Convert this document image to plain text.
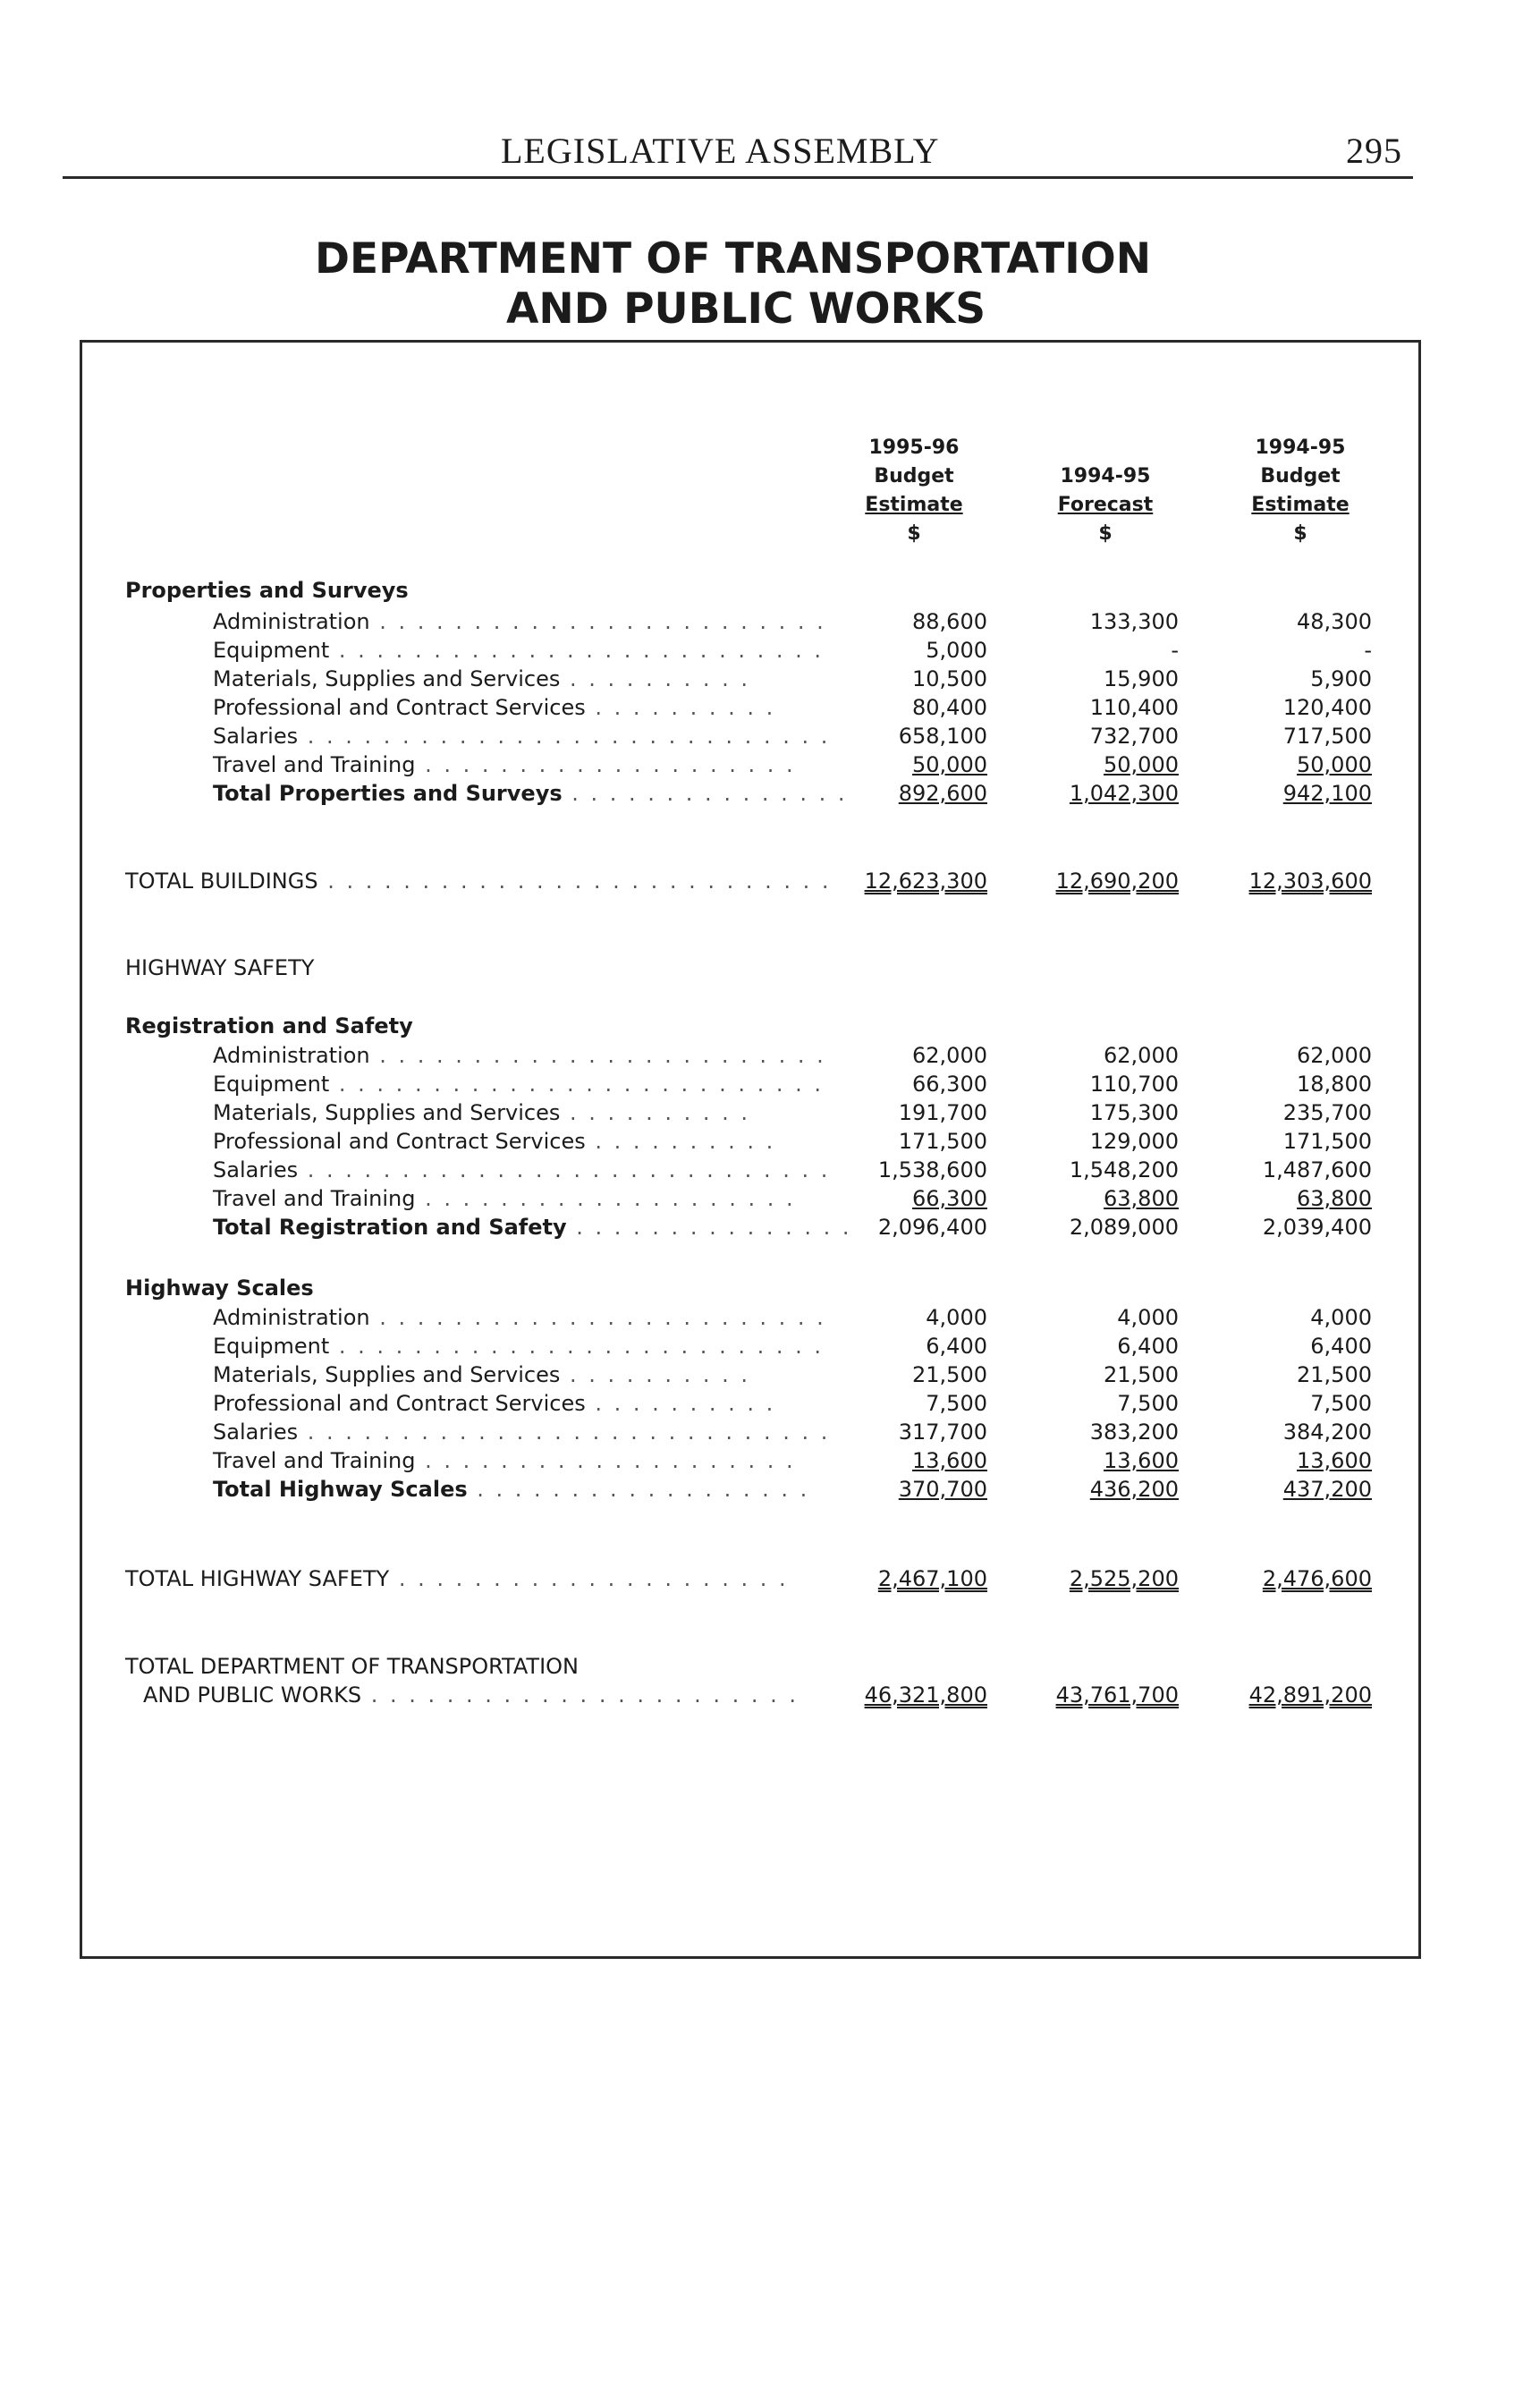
LEGISLATIVE ASSEMBLY	295
DEPARTMENT OF TRANSPORTATION
AND PUBLIC WORKS
1995-96
Budget
Estimate
$

1994-95
Forecast
$
1994-95
Budget
Estimate
$
Properties and Surveys
Administration . . . . . . . . . . . . . . . . . . . . . . . .	88,600	133,300	48,300
Equipment . . . . . . . . . . . . . . . . . . . . . . . . . .	5,000	-	-
Materials, Supplies and Services . . . . . . . . . .	10,500	15,900	5,900
Professional and Contract Services . . . . . . . . . .	80,400	110,400	120,400
Salaries . . . . . . . . . . . . . . . . . . . . . . . . . . . .	658,100	732,700	717,500
Travel and Training . . . . . . . . . . . . . . . . . . . .	50,000	50,000	50,000
Total Properties and Surveys . . . . . . . . . . . . . . .	892,600	1,042,300	942,100
TOTAL BUILDINGS . . . . . . . . . . . . . . . . . . . . . . . . . . .	12,623,300	12,690,200	12,303,600
HIGHWAY SAFETY
Registration and Safety
Administration . . . . . . . . . . . . . . . . . . . . . . . .	62,000	62,000	62,000
Equipment . . . . . . . . . . . . . . . . . . . . . . . . . .	66,300	110,700	18,800
Materials, Supplies and Services . . . . . . . . . .	191,700	175,300	235,700
Professional and Contract Services . . . . . . . . . .	171,500	129,000	171,500
Salaries . . . . . . . . . . . . . . . . . . . . . . . . . . . .	1,538,600	1,548,200	1,487,600
Travel and Training . . . . . . . . . . . . . . . . . . . .	66,300	63,800	63,800
Total Registration and Safety . . . . . . . . . . . . . . .	2,096,400	2,089,000	2,039,400
Highway Scales
Administration . . . . . . . . . . . . . . . . . . . . . . . .	4,000	4,000	4,000
Equipment . . . . . . . . . . . . . . . . . . . . . . . . . .	6,400	6,400	6,400
Materials, Supplies and Services . . . . . . . . . .	21,500	21,500	21,500
Professional and Contract Services . . . . . . . . . .	7,500	7,500	7,500
Salaries . . . . . . . . . . . . . . . . . . . . . . . . . . . .	317,700	383,200	384,200
Travel and Training . . . . . . . . . . . . . . . . . . . .	13,600	13,600	13,600
Total Highway Scales . . . . . . . . . . . . . . . . . .	370,700	436,200	437,200
TOTAL HIGHWAY SAFETY . . . . . . . . . . . . . . . . . . . . .	2,467,100	2,525,200	2,476,600
TOTAL DEPARTMENT OF TRANSPORTATION
AND PUBLIC WORKS . . . . . . . . . . . . . . . . . . . . . . .	46,321,800	43,761,700	42,891,200
